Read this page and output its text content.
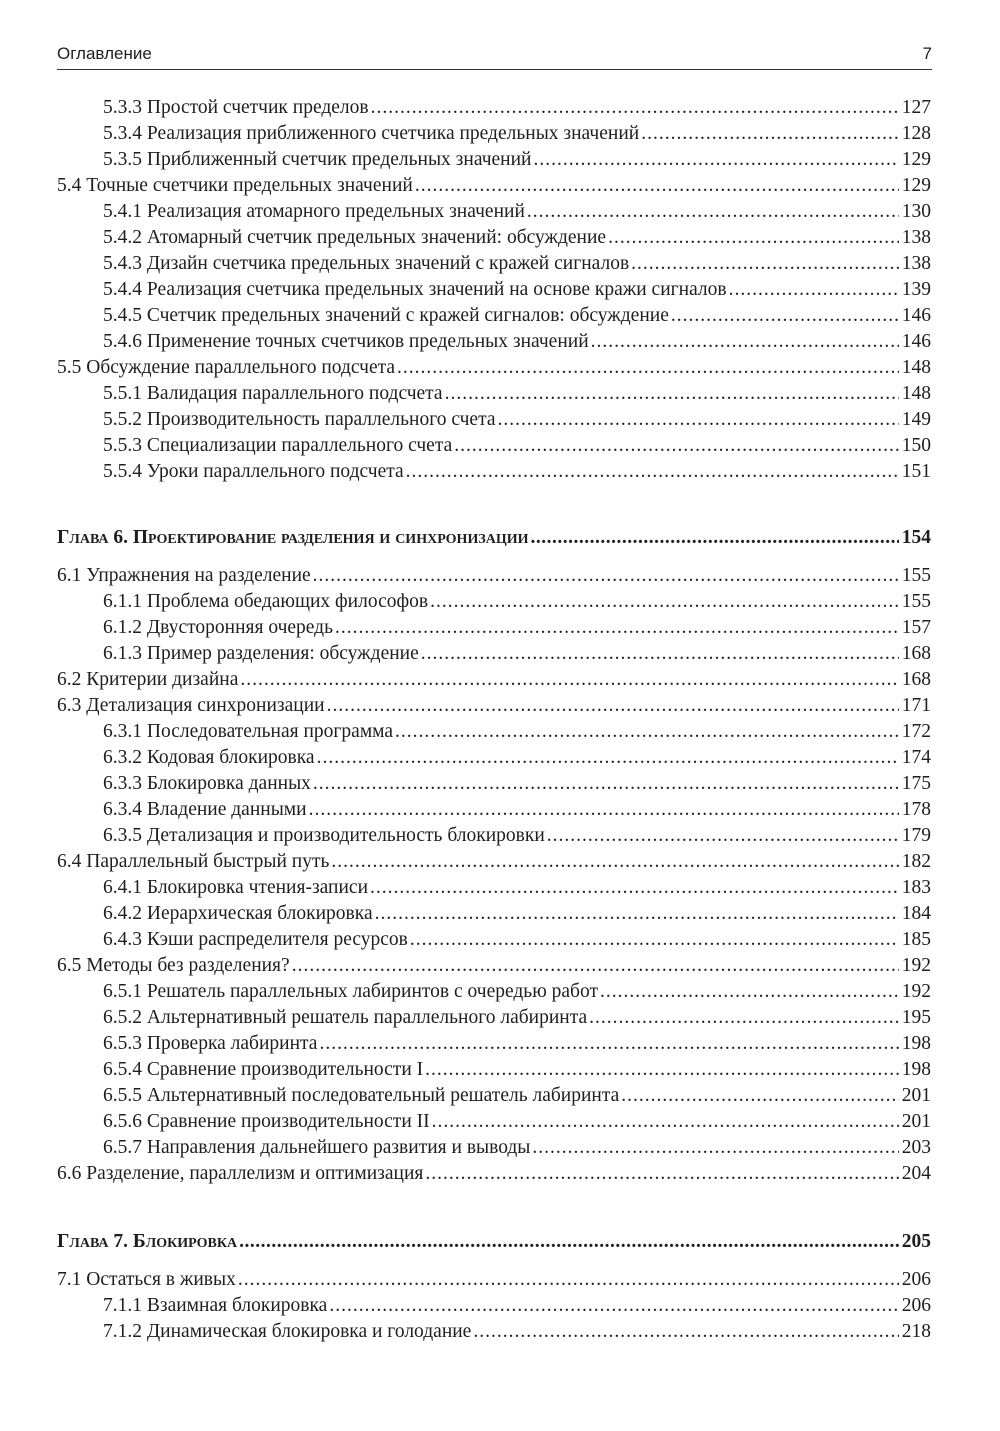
Оглавление	7
5.3.3 Простой счетчик пределов .....	127
5.3.4 Реализация приближенного счетчика предельных значений .....	128
5.3.5 Приближенный счетчик предельных значений .....	129
5.4 Точные счетчики предельных значений .....	129
5.4.1 Реализация атомарного предельных значений .....	130
5.4.2 Атомарный счетчик предельных значений: обсуждение .....	138
5.4.3 Дизайн счетчика предельных значений с кражей сигналов .....	138
5.4.4 Реализация счетчика предельных значений на основе кражи сигналов .....	139
5.4.5 Счетчик предельных значений с кражей сигналов: обсуждение .....	146
5.4.6 Применение точных счетчиков предельных значений .....	146
5.5 Обсуждение параллельного подсчета .....	148
5.5.1 Валидация параллельного подсчета .....	148
5.5.2 Производительность параллельного счета .....	149
5.5.3 Специализации параллельного счета .....	150
5.5.4 Уроки параллельного подсчета .....	151
Глава 6. Проектирование разделения и синхронизации .....	154
6.1 Упражнения на разделение .....	155
6.1.1 Проблема обедающих философов .....	155
6.1.2 Двусторонняя очередь .....	157
6.1.3 Пример разделения: обсуждение .....	168
6.2 Критерии дизайна .....	168
6.3 Детализация синхронизации .....	171
6.3.1 Последовательная программа .....	172
6.3.2 Кодовая блокировка .....	174
6.3.3 Блокировка данных .....	175
6.3.4 Владение данными .....	178
6.3.5 Детализация и производительность блокировки .....	179
6.4 Параллельный быстрый путь .....	182
6.4.1 Блокировка чтения-записи .....	183
6.4.2 Иерархическая блокировка .....	184
6.4.3 Кэши распределителя ресурсов .....	185
6.5 Методы без разделения? .....	192
6.5.1 Решатель параллельных лабиринтов с очередью работ .....	192
6.5.2 Альтернативный решатель параллельного лабиринта .....	195
6.5.3 Проверка лабиринта .....	198
6.5.4 Сравнение производительности I .....	198
6.5.5 Альтернативный последовательный решатель лабиринта .....	201
6.5.6 Сравнение производительности II .....	201
6.5.7 Направления дальнейшего развития и выводы .....	203
6.6 Разделение, параллелизм и оптимизация .....	204
Глава 7. Блокировка .....	205
7.1 Остаться в живых .....	206
7.1.1 Взаимная блокировка .....	206
7.1.2 Динамическая блокировка и голодание .....	218
